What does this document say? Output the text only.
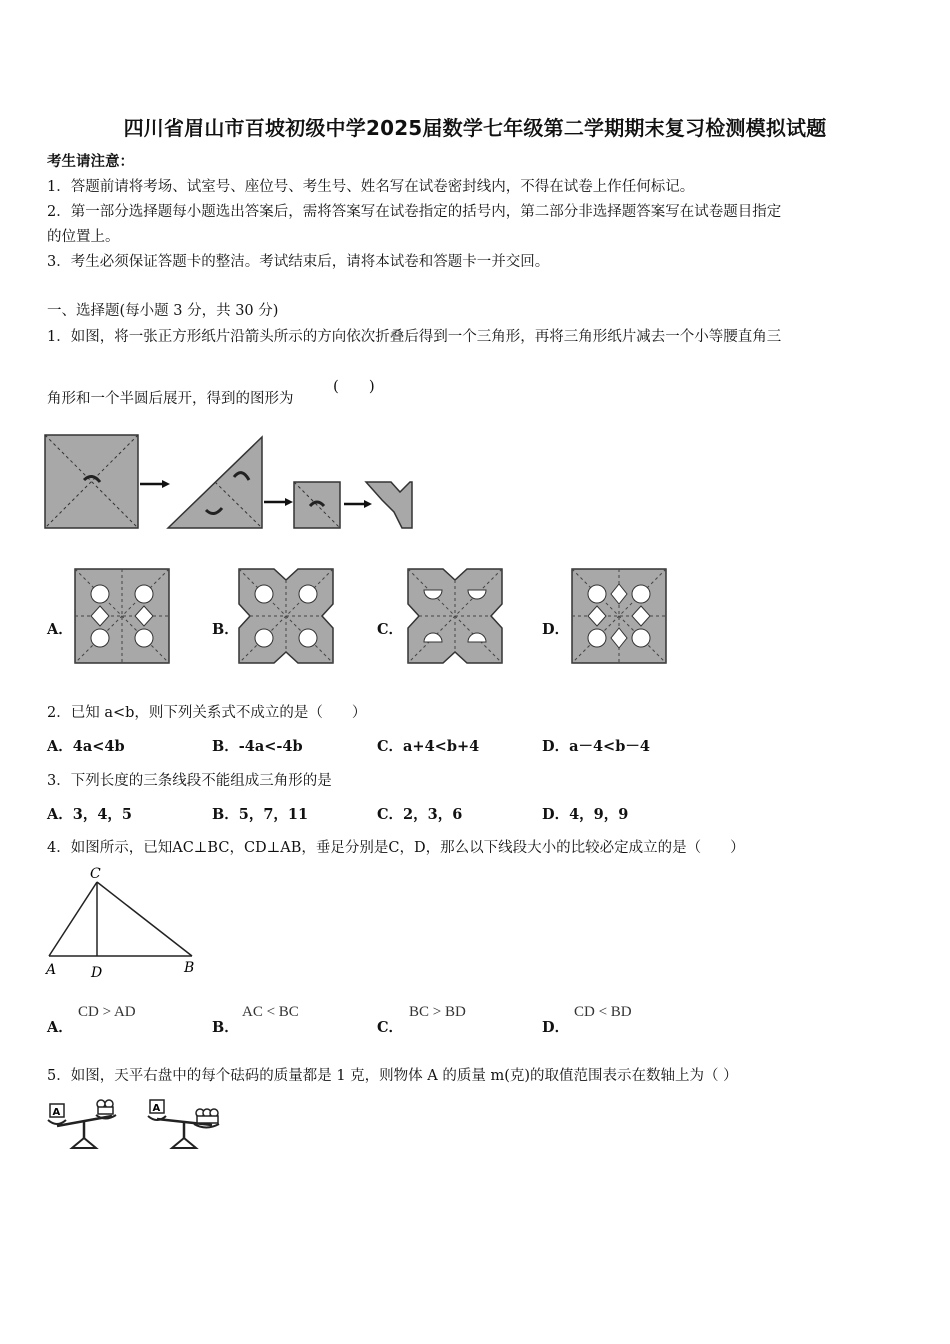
四川省眉山市百坡初级中学2025届数学七年级第二学期期末复习检测模拟试题
考生请注意：
1．答题前请将考场、试室号、座位号、考生号、姓名写在试卷密封线内，不得在试卷上作任何标记。
2．第一部分选择题每小题选出答案后，需将答案写在试卷指定的括号内，第二部分非选择题答案写在试卷题目指定
的位置上。
3．考生必须保证答题卡的整洁。考试结束后，请将本试卷和答题卡一并交回。
一、选择题(每小题 3 分，共 30 分)
1．如图，将一张正方形纸片沿箭头所示的方向依次折叠后得到一个三角形，再将三角形纸片减去一个小等腰直角三
角形和一个半圆后展开，得到的图形为
(　　)
A．	B．	C．	D．
2．已知 a<b，则下列关系式不成立的是（　　）
A．4a<4b	B．-4a<-4b	C．a+4<b+4	D．a－4<b－4
3．下列长度的三条线段不能组成三角形的是
A．3，4，5	B．5，7，11	C．2，3，6	D．4，9，9
4．如图所示，已知AC⊥BC，CD⊥AB，垂足分别是C，D，那么以下线段大小的比较必定成立的是（　　）
C
A D	B
A．
CD > AD
B．
AC < BC
C．
BC > BD
D．
CD < BD
5．如图，天平右盘中的每个砝码的质量都是 1 克，则物体 A 的质量 m(克)的取值范围表示在数轴上为（ ）
A	A
